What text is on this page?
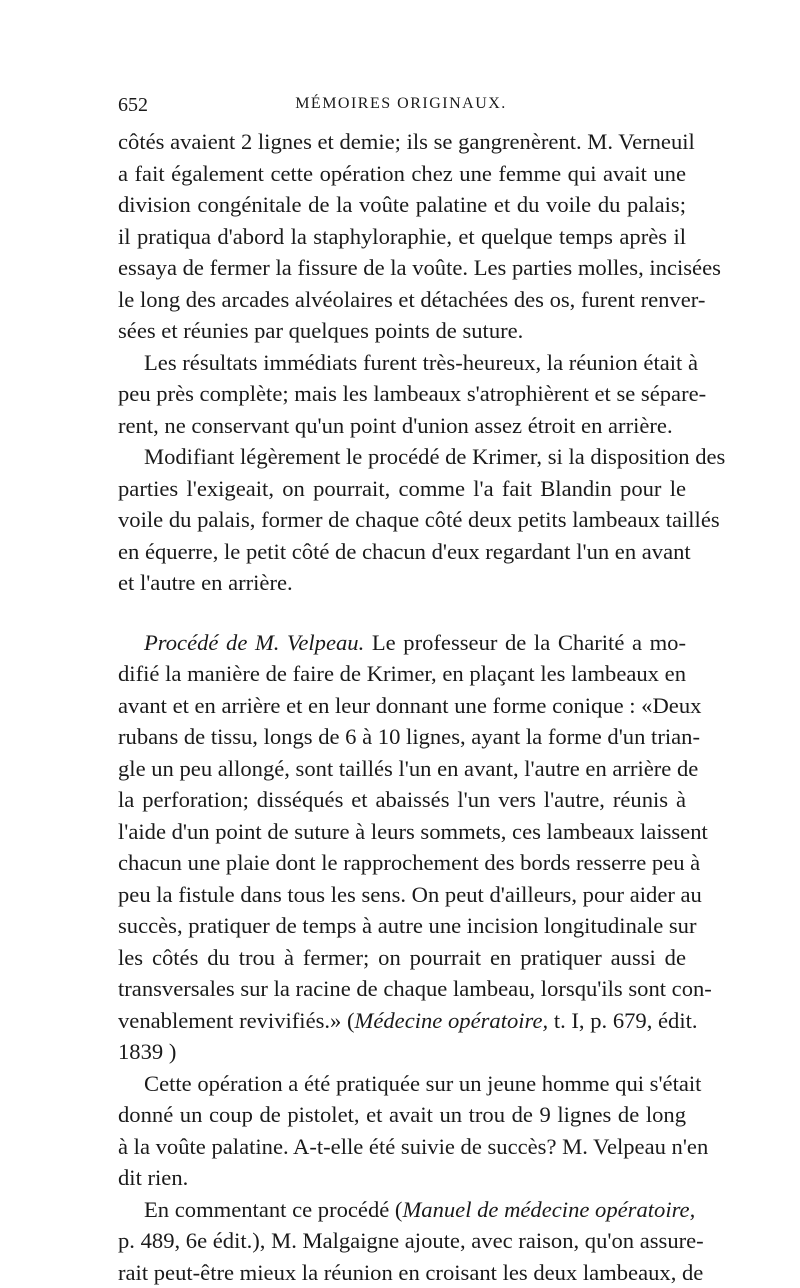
652	MÉMOIRES ORIGINAUX.
côtés avaient 2 lignes et demie; ils se gangrenèrent. M. Verneuil
a fait également cette opération chez une femme qui avait une
division congénitale de la voûte palatine et du voile du palais;
il pratiqua d'abord la staphyloraphie, et quelque temps après il
essaya de fermer la fissure de la voûte. Les parties molles, incisées
le long des arcades alvéolaires et détachées des os, furent renver-
sées et réunies par quelques points de suture.
Les résultats immédiats furent très-heureux, la réunion était à
peu près complète; mais les lambeaux s'atrophièrent et se sépare-
rent, ne conservant qu'un point d'union assez étroit en arrière.
Modifiant légèrement le procédé de Krimer, si la disposition des
parties l'exigeait, on pourrait, comme l'a fait Blandin pour le
voile du palais, former de chaque côté deux petits lambeaux taillés
en équerre, le petit côté de chacun d'eux regardant l'un en avant
et l'autre en arrière.
Procédé de M. Velpeau. Le professeur de la Charité a mo-
difié la manière de faire de Krimer, en plaçant les lambeaux en
avant et en arrière et en leur donnant une forme conique : «Deux
rubans de tissu, longs de 6 à 10 lignes, ayant la forme d'un trian-
gle un peu allongé, sont taillés l'un en avant, l'autre en arrière de
la perforation; disséqués et abaissés l'un vers l'autre, réunis à
l'aide d'un point de suture à leurs sommets, ces lambeaux laissent
chacun une plaie dont le rapprochement des bords resserre peu à
peu la fistule dans tous les sens. On peut d'ailleurs, pour aider au
succès, pratiquer de temps à autre une incision longitudinale sur
les côtés du trou à fermer; on pourrait en pratiquer aussi de
transversales sur la racine de chaque lambeau, lorsqu'ils sont con-
venablement revivifiés.» (Médecine opératoire, t. I, p. 679, édit.
1839 )
Cette opération a été pratiquée sur un jeune homme qui s'était
donné un coup de pistolet, et avait un trou de 9 lignes de long
à la voûte palatine. A-t-elle été suivie de succès? M. Velpeau n'en
dit rien.
En commentant ce procédé (Manuel de médecine opératoire,
p. 489, 6e édit.), M. Malgaigne ajoute, avec raison, qu'on assure-
rait peut-être mieux la réunion en croisant les deux lambeaux, de
